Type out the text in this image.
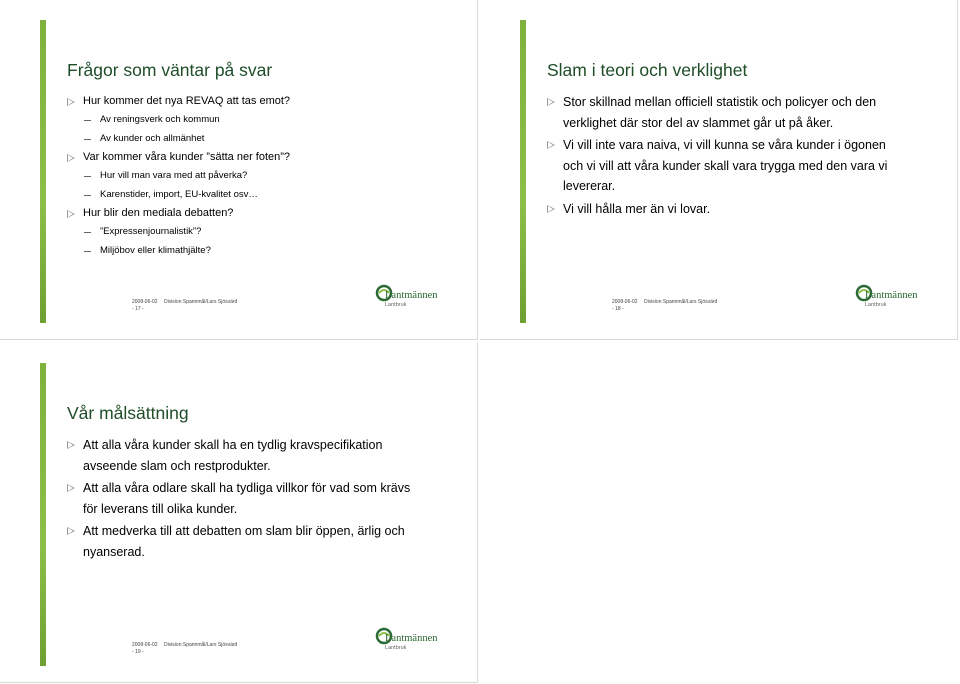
Frågor som väntar på svar
Hur kommer det nya REVAQ att tas emot?
Av reningsverk och kommun
Av kunder och allmänhet
Var kommer våra kunder ”sätta ner foten”?
Hur vill man vara med att påverka?
Karenstider, import, EU-kvalitet osv…
Hur blir den mediala debatten?
”Expressenjournalistik”?
Miljöbov eller klimathjälte?
2008-06-02 Division Spannmål/Lars Sjösvärd
- 17 -
Lantmännen
Lantbruk
Slam i teori och verklighet
Stor skillnad mellan officiell statistik och policyer och den verklighet där stor del av slammet går ut på åker.
Vi vill inte vara naiva, vi vill kunna se våra kunder i ögonen och vi vill att våra kunder skall vara trygga med den vara vi levererar.
Vi vill hålla mer än vi lovar.
2008-06-02 Division Spannmål/Lars Sjösvärd
- 18 -
Lantmännen
Lantbruk
Vår målsättning
Att alla våra kunder skall ha en tydlig kravspecifikation avseende slam och restprodukter.
Att alla våra odlare skall ha tydliga villkor för vad som krävs för leverans till olika kunder.
Att medverka till att debatten om slam blir öppen, ärlig och nyanserad.
2008-06-02 Division Spannmål/Lars Sjösvärd
- 19 -
Lantmännen
Lantbruk
